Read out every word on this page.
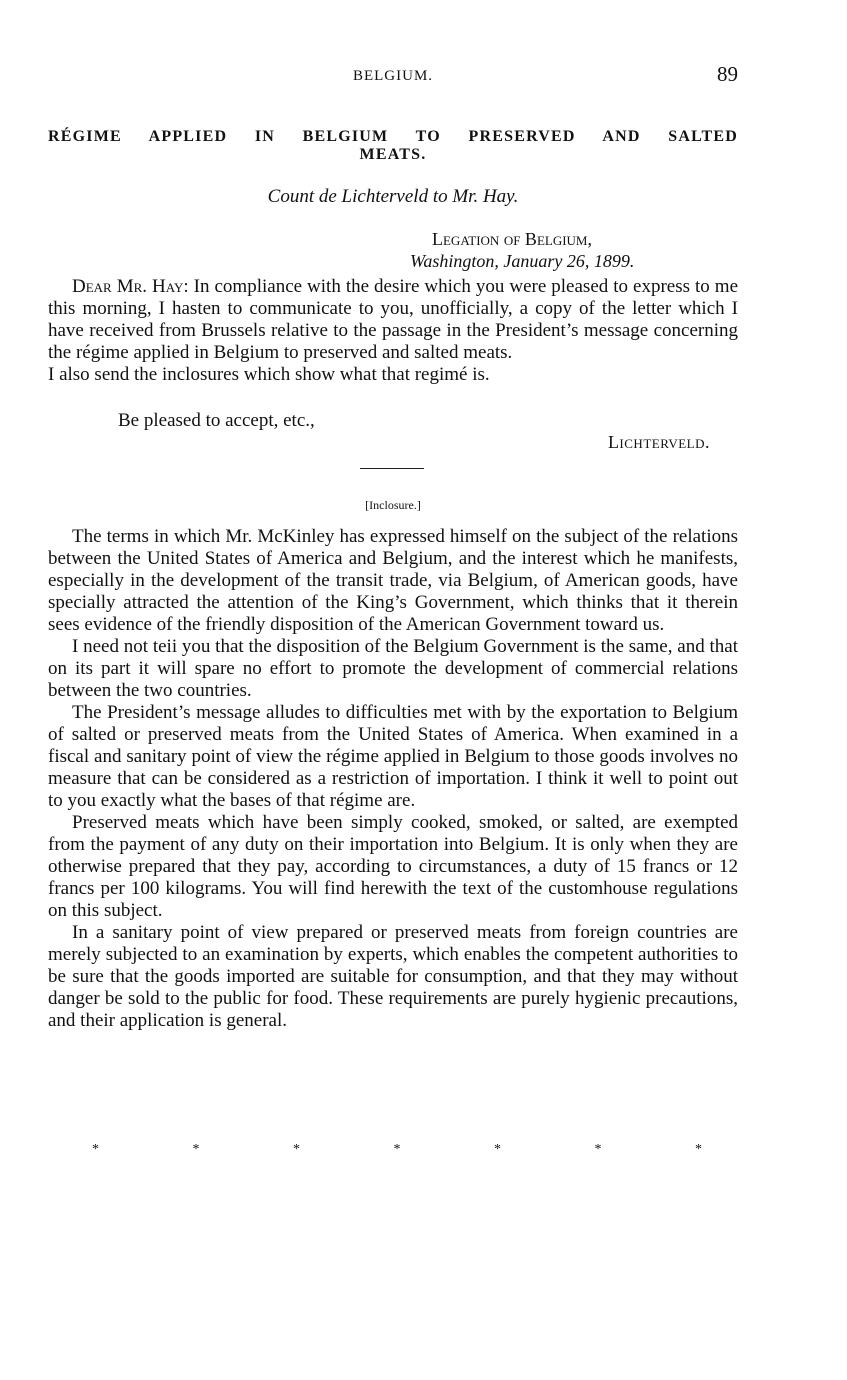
BELGIUM.	89
RÉGIME APPLIED IN BELGIUM TO PRESERVED AND SALTED
MEATS.
Count de Lichterveld to Mr. Hay.
Legation of Belgium,
Washington, January 26, 1899.

Dear Mr. Hay: In compliance with the desire which you were pleased to express to me this morning, I hasten to communicate to you, unofficially, a copy of the letter which I have received from Brussels relative to the passage in the President’s message concerning the régime applied in Belgium to preserved and salted meats.

I also send the inclosures which show what that regimé is.

Be pleased to accept, etc.,
Lichterveld.
[Inclosure.]

The terms in which Mr. McKinley has expressed himself on the subject of the relations between the United States of America and Belgium, and the interest which he manifests, especially in the development of the transit trade, via Belgium, of American goods, have specially attracted the attention of the King’s Government, which thinks that it therein sees evidence of the friendly disposition of the American Government toward us.

I need not teii you that the disposition of the Belgium Government is the same, and that on its part it will spare no effort to promote the development of commercial relations between the two countries.

The President’s message alludes to difficulties met with by the exportation to Belgium of salted or preserved meats from the United States of America. When examined in a fiscal and sanitary point of view the régime applied in Belgium to those goods involves no measure that can be considered as a restriction of importation. I think it well to point out to you exactly what the bases of that régime are.

Preserved meats which have been simply cooked, smoked, or salted, are exempted from the payment of any duty on their importation into Belgium. It is only when they are otherwise prepared that they pay, according to circumstances, a duty of 15 francs or 12 francs per 100 kilograms. You will find herewith the text of the customhouse regulations on this subject.

In a sanitary point of view prepared or preserved meats from foreign countries are merely subjected to an examination by experts, which enables the competent authorities to be sure that the goods imported are suitable for consumption, and that they may without danger be sold to the public for food. These requirements are purely hygienic precautions, and their application is general.

*	*	*	*	*	*	*
